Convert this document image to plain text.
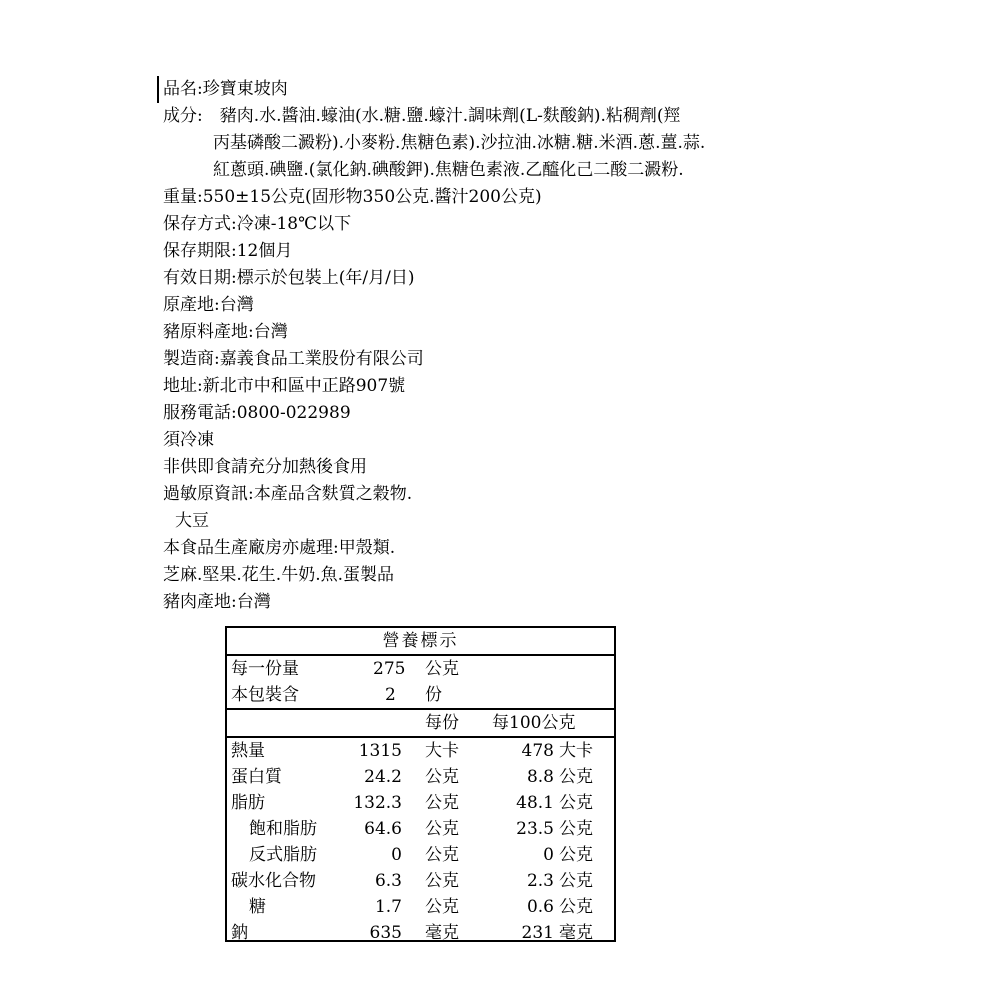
品名:珍寶東坡肉
成分:　豬肉.水.醬油.蠔油(水.糖.鹽.蠔汁.調味劑(L-麩酸鈉).粘稠劑(羥
丙基磷酸二澱粉).小麥粉.焦糖色素).沙拉油.冰糖.糖.米酒.蔥.薑.蒜.
紅蔥頭.碘鹽.(氯化鈉.碘酸鉀).焦糖色素液.乙醯化己二酸二澱粉.
重量:550±15公克(固形物350公克.醬汁200公克)
保存方式:冷凍-18℃以下
保存期限:12個月
有效日期:標示於包裝上(年/月/日)
原產地:台灣
豬原料產地:台灣
製造商:嘉義食品工業股份有限公司
地址:新北市中和區中正路907號
服務電話:0800-022989
須冷凍
非供即食請充分加熱後食用
過敏原資訊:本產品含麩質之穀物.
大豆
本食品生產廠房亦處理:甲殼類.
芝麻.堅果.花生.牛奶.魚.蛋製品
豬肉產地:台灣
營養標示
每一份量	275 公克
本包裝含	2 份
每份 每100公克
熱量	1315 大卡	478 大卡
蛋白質	24.2 公克	8.8 公克
脂肪	132.3 公克	48.1 公克
飽和脂肪	64.6 公克	23.5 公克
反式脂肪	0 公克	0 公克
碳水化合物	6.3 公克	2.3 公克
糖	1.7 公克	0.6 公克
鈉	635 毫克	231 毫克
